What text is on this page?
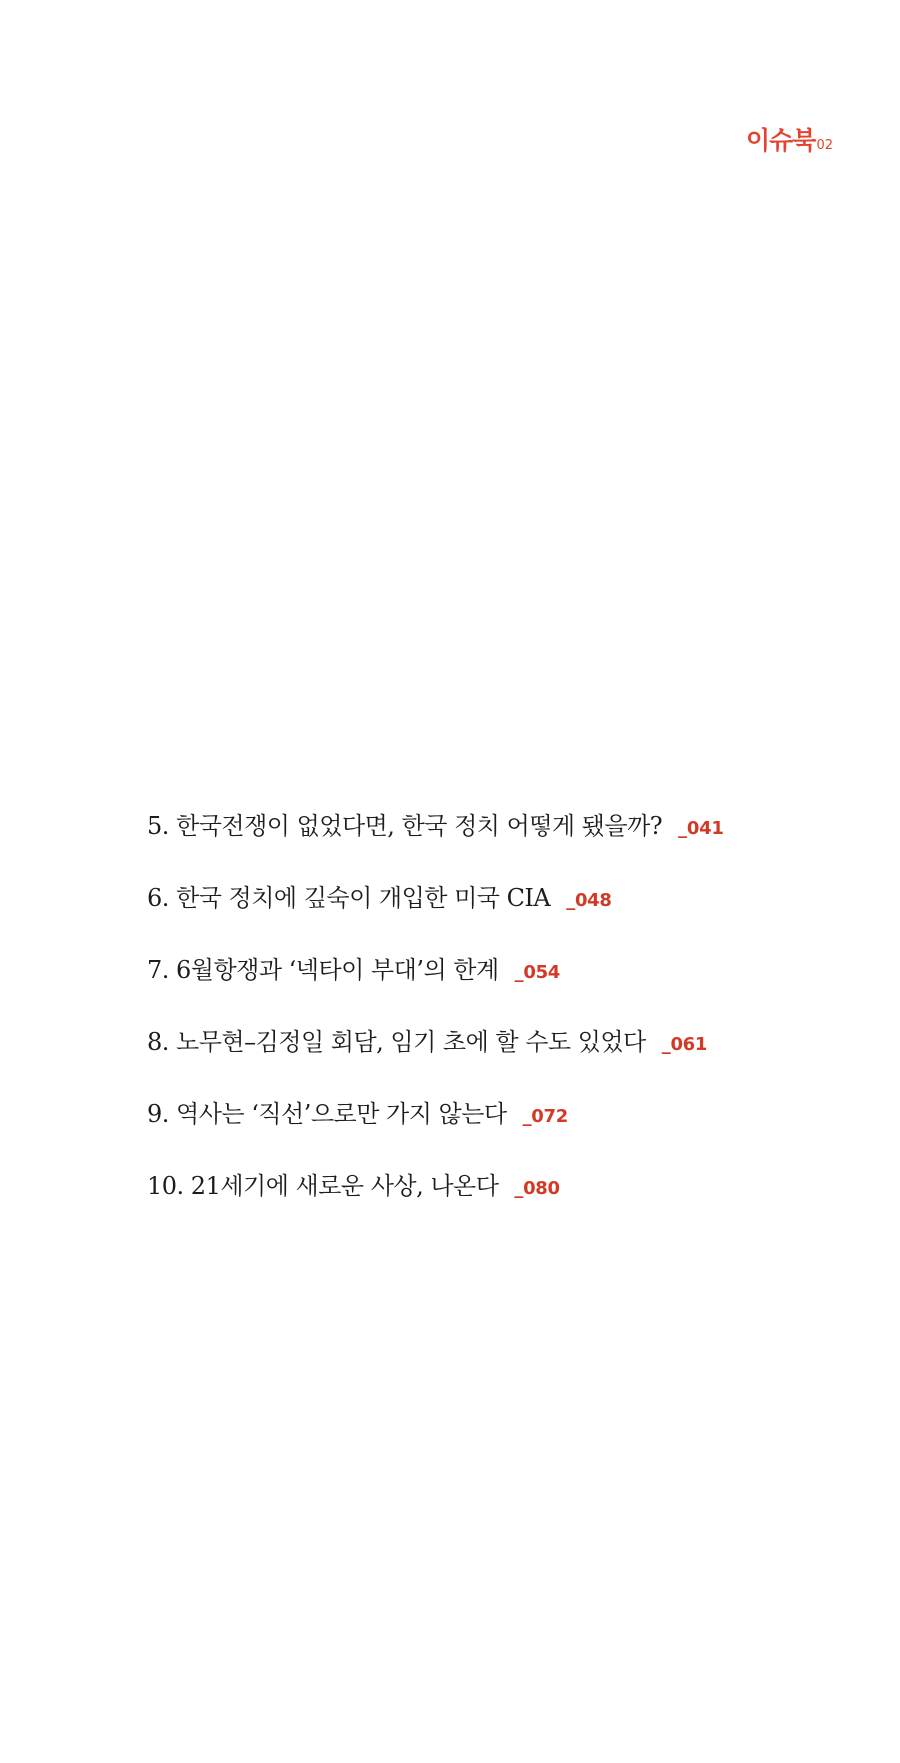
이슈북 02
5. 한국전쟁이 없었다면, 한국 정치 어떻게 됐을까? _041
6. 한국 정치에 깊숙이 개입한 미국 CIA _048
7. 6월항쟁과 ‘넥타이 부대’의 한계 _054
8. 노무현–김정일 회담, 임기 초에 할 수도 있었다 _061
9. 역사는 ‘직선’으로만 가지 않는다 _072
10. 21세기에 새로운 사상, 나온다 _080
